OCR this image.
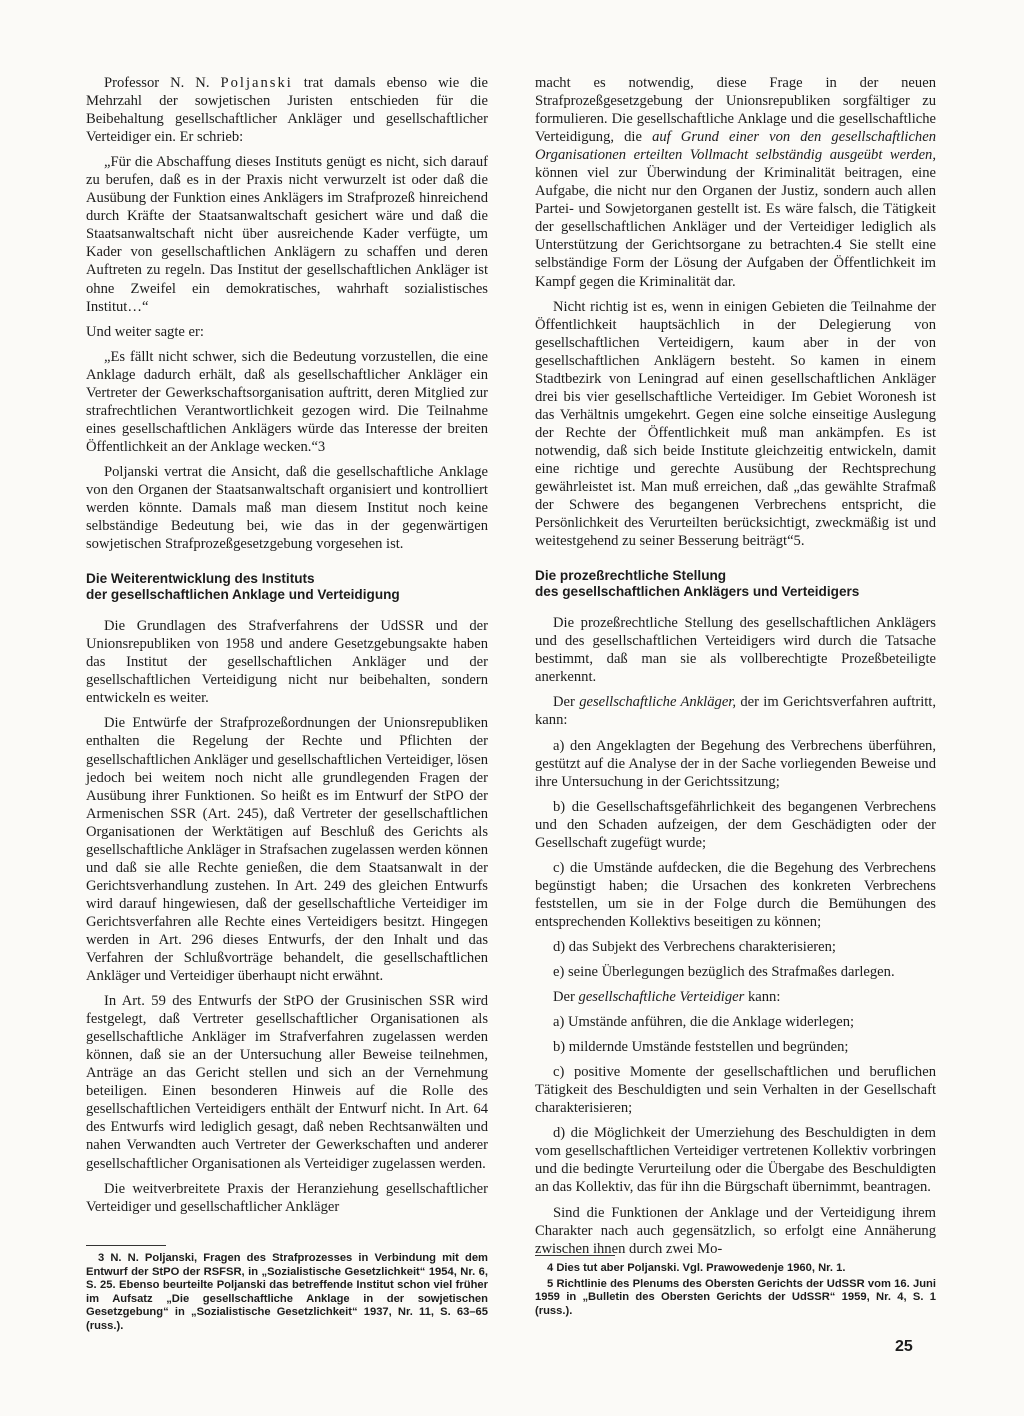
Professor N. N. Poljanski trat damals ebenso wie die Mehrzahl der sowjetischen Juristen entschieden für die Beibehaltung gesellschaftlicher Ankläger und gesellschaftlicher Verteidiger ein. Er schrieb:

„Für die Abschaffung dieses Instituts genügt es nicht, sich darauf zu berufen, daß es in der Praxis nicht verwurzelt ist oder daß die Ausübung der Funktion eines Anklägers im Strafprozeß hinreichend durch Kräfte der Staatsanwaltschaft gesichert wäre und daß die Staatsanwaltschaft nicht über ausreichende Kader verfügte, um Kader von gesellschaftlichen Anklägern zu schaffen und deren Auftreten zu regeln. Das Institut der gesellschaftlichen Ankläger ist ohne Zweifel ein demokratisches, wahrhaft sozialistisches Institut…“

Und weiter sagte er:

„Es fällt nicht schwer, sich die Bedeutung vorzustellen, die eine Anklage dadurch erhält, daß als gesellschaftlicher Ankläger ein Vertreter der Gewerkschaftsorganisation auftritt, deren Mitglied zur strafrechtlichen Verantwortlichkeit gezogen wird. Die Teilnahme eines gesellschaftlichen Anklägers würde das Interesse der breiten Öffentlichkeit an der Anklage wecken.“3

Poljanski vertrat die Ansicht, daß die gesellschaftliche Anklage von den Organen der Staatsanwaltschaft organisiert und kontrolliert werden könnte. Damals maß man diesem Institut noch keine selbständige Bedeutung bei, wie das in der gegenwärtigen sowjetischen Strafprozeßgesetzgebung vorgesehen ist.

Die Weiterentwicklung des Instituts
der gesellschaftlichen Anklage und Verteidigung

Die Grundlagen des Strafverfahrens der UdSSR und der Unionsrepubliken von 1958 und andere Gesetzgebungsakte haben das Institut der gesellschaftlichen Ankläger und der gesellschaftlichen Verteidigung nicht nur beibehalten, sondern entwickeln es weiter.

Die Entwürfe der Strafprozeßordnungen der Unionsrepubliken enthalten die Regelung der Rechte und Pflichten der gesellschaftlichen Ankläger und gesellschaftlichen Verteidiger, lösen jedoch bei weitem noch nicht alle grundlegenden Fragen der Ausübung ihrer Funktionen. So heißt es im Entwurf der StPO der Armenischen SSR (Art. 245), daß Vertreter der gesellschaftlichen Organisationen der Werktätigen auf Beschluß des Gerichts als gesellschaftliche Ankläger in Strafsachen zugelassen werden können und daß sie alle Rechte genießen, die dem Staatsanwalt in der Gerichtsverhandlung zustehen. In Art. 249 des gleichen Entwurfs wird darauf hingewiesen, daß der gesellschaftliche Verteidiger im Gerichtsverfahren alle Rechte eines Verteidigers besitzt. Hingegen werden in Art. 296 dieses Entwurfs, der den Inhalt und das Verfahren der Schlußvorträge behandelt, die gesellschaftlichen Ankläger und Verteidiger überhaupt nicht erwähnt.

In Art. 59 des Entwurfs der StPO der Grusinischen SSR wird festgelegt, daß Vertreter gesellschaftlicher Organisationen als gesellschaftliche Ankläger im Strafverfahren zugelassen werden können, daß sie an der Untersuchung aller Beweise teilnehmen, Anträge an das Gericht stellen und sich an der Vernehmung beteiligen. Einen besonderen Hinweis auf die Rolle des gesellschaftlichen Verteidigers enthält der Entwurf nicht. In Art. 64 des Entwurfs wird lediglich gesagt, daß neben Rechtsanwälten und nahen Verwandten auch Vertreter der Gewerkschaften und anderer gesellschaftlicher Organisationen als Verteidiger zugelassen werden.

Die weitverbreitete Praxis der Heranziehung gesellschaftlicher Verteidiger und gesellschaftlicher Ankläger

macht es notwendig, diese Frage in der neuen Strafprozeßgesetzgebung der Unionsrepubliken sorgfältiger zu formulieren. Die gesellschaftliche Anklage und die gesellschaftliche Verteidigung, die auf Grund einer von den gesellschaftlichen Organisationen erteilten Vollmacht selbständig ausgeübt werden, können viel zur Überwindung der Kriminalität beitragen, eine Aufgabe, die nicht nur den Organen der Justiz, sondern auch allen Partei- und Sowjetorganen gestellt ist. Es wäre falsch, die Tätigkeit der gesellschaftlichen Ankläger und der Verteidiger lediglich als Unterstützung der Gerichtsorgane zu betrachten.4 Sie stellt eine selbständige Form der Lösung der Aufgaben der Öffentlichkeit im Kampf gegen die Kriminalität dar.

Nicht richtig ist es, wenn in einigen Gebieten die Teilnahme der Öffentlichkeit hauptsächlich in der Delegierung von gesellschaftlichen Verteidigern, kaum aber in der von gesellschaftlichen Anklägern besteht. So kamen in einem Stadtbezirk von Leningrad auf einen gesellschaftlichen Ankläger drei bis vier gesellschaftliche Verteidiger. Im Gebiet Woronesh ist das Verhältnis umgekehrt. Gegen eine solche einseitige Auslegung der Rechte der Öffentlichkeit muß man ankämpfen. Es ist notwendig, daß sich beide Institute gleichzeitig entwickeln, damit eine richtige und gerechte Ausübung der Rechtsprechung gewährleistet ist. Man muß erreichen, daß „das gewählte Strafmaß der Schwere des begangenen Verbrechens entspricht, die Persönlichkeit des Verurteilten berücksichtigt, zweckmäßig ist und weitestgehend zu seiner Besserung beiträgt“5.

Die prozeßrechtliche Stellung
des gesellschaftlichen Anklägers und Verteidigers

Die prozeßrechtliche Stellung des gesellschaftlichen Anklägers und des gesellschaftlichen Verteidigers wird durch die Tatsache bestimmt, daß man sie als vollberechtigte Prozeßbeteiligte anerkennt.

Der gesellschaftliche Ankläger, der im Gerichtsverfahren auftritt, kann:

a) den Angeklagten der Begehung des Verbrechens überführen, gestützt auf die Analyse der in der Sache vorliegenden Beweise und ihre Untersuchung in der Gerichtssitzung;

b) die Gesellschaftsgefährlichkeit des begangenen Verbrechens und den Schaden aufzeigen, der dem Geschädigten oder der Gesellschaft zugefügt wurde;

c) die Umstände aufdecken, die die Begehung des Verbrechens begünstigt haben; die Ursachen des konkreten Verbrechens feststellen, um sie in der Folge durch die Bemühungen des entsprechenden Kollektivs beseitigen zu können;

d) das Subjekt des Verbrechens charakterisieren;

e) seine Überlegungen bezüglich des Strafmaßes darlegen.

Der gesellschaftliche Verteidiger kann:

a) Umstände anführen, die die Anklage widerlegen;

b) mildernde Umstände feststellen und begründen;

c) positive Momente der gesellschaftlichen und beruflichen Tätigkeit des Beschuldigten und sein Verhalten in der Gesellschaft charakterisieren;

d) die Möglichkeit der Umerziehung des Beschuldigten in dem vom gesellschaftlichen Verteidiger vertretenen Kollektiv vorbringen und die bedingte Verurteilung oder die Übergabe des Beschuldigten an das Kollektiv, das für ihn die Bürgschaft übernimmt, beantragen.

Sind die Funktionen der Anklage und der Verteidigung ihrem Charakter nach auch gegensätzlich, so erfolgt eine Annäherung zwischen ihnen durch zwei Mo-

3 N. N. Poljanski, Fragen des Strafprozesses in Verbindung mit dem Entwurf der StPO der RSFSR, in „Sozialistische Gesetzlichkeit“ 1954, Nr. 6, S. 25. Ebenso beurteilte Poljanski das betreffende Institut schon viel früher im Aufsatz „Die gesellschaftliche Anklage in der sowjetischen Gesetzgebung“ in „Sozialistische Gesetzlichkeit“ 1937, Nr. 11, S. 63–65 (russ.).

4 Dies tut aber Poljanski. Vgl. Prawowedenje 1960, Nr. 1.

5 Richtlinie des Plenums des Obersten Gerichts der UdSSR vom 16. Juni 1959 in „Bulletin des Obersten Gerichts der UdSSR“ 1959, Nr. 4, S. 1 (russ.).

25
